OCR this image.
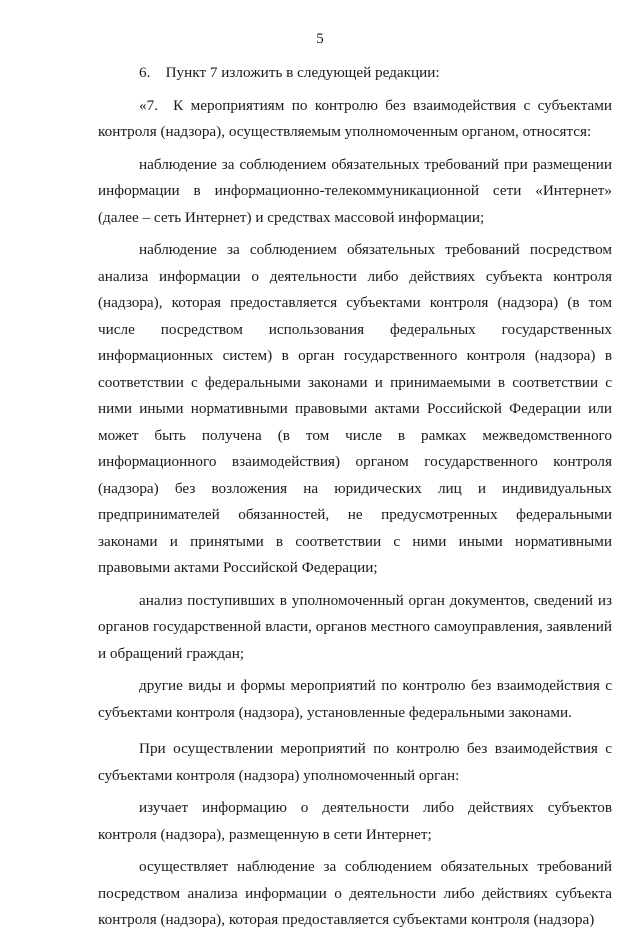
5

6. Пункт 7 изложить в следующей редакции:

«7. К мероприятиям по контролю без взаимодействия с субъектами контроля (надзора), осуществляемым уполномоченным органом, относятся:

наблюдение за соблюдением обязательных требований при размещении информации в информационно-телекоммуникационной сети «Интернет» (далее – сеть Интернет) и средствах массовой информации;

наблюдение за соблюдением обязательных требований посредством анализа информации о деятельности либо действиях субъекта контроля (надзора), которая предоставляется субъектами контроля (надзора) (в том числе посредством использования федеральных государственных информационных систем) в орган государственного контроля (надзора) в соответствии с федеральными законами и принимаемыми в соответствии с ними иными нормативными правовыми актами Российской Федерации или может быть получена (в том числе в рамках межведомственного информационного взаимодействия) органом государственного контроля (надзора) без возложения на юридических лиц и индивидуальных предпринимателей обязанностей, не предусмотренных федеральными законами и принятыми в соответствии с ними иными нормативными правовыми актами Российской Федерации;

анализ поступивших в уполномоченный орган документов, сведений из органов государственной власти, органов местного самоуправления, заявлений и обращений граждан;

другие виды и формы мероприятий по контролю без взаимодействия с субъектами контроля (надзора), установленные федеральными законами.

При осуществлении мероприятий по контролю без взаимодействия с субъектами контроля (надзора) уполномоченный орган:

изучает информацию о деятельности либо действиях субъектов контроля (надзора), размещенную в сети Интернет;

осуществляет наблюдение за соблюдением обязательных требований посредством анализа информации о деятельности либо действиях субъекта контроля (надзора), которая предоставляется субъектами контроля (надзора)
